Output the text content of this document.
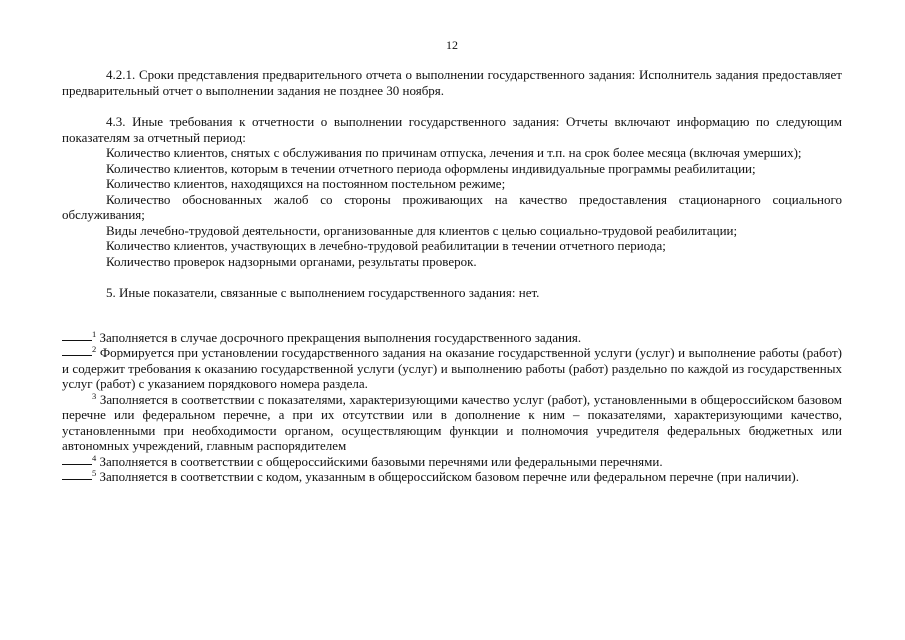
12

4.2.1. Сроки представления предварительного отчета о выполнении государственного задания: Исполнитель задания предоставляет предварительный отчет о выполнении задания не позднее 30 ноября.

4.3. Иные требования к отчетности о выполнении государственного задания: Отчеты включают информацию по следующим показателям за отчетный период:

Количество клиентов, снятых с обслуживания по причинам отпуска, лечения и т.п. на срок более месяца (включая умерших);

Количество клиентов, которым в течении отчетного периода оформлены индивидуальные программы реабилитации;

Количество клиентов, находящихся на постоянном постельном режиме;

Количество обоснованных жалоб со стороны проживающих на качество предоставления стационарного социального обслуживания;

Виды лечебно-трудовой деятельности, организованные для клиентов с целью социально-трудовой реабилитации;

Количество клиентов, участвующих в лечебно-трудовой реабилитации в течении отчетного периода;

Количество проверок надзорными органами, результаты проверок.

5. Иные показатели, связанные с выполнением государственного задания: нет.

$^1$ Заполняется в случае досрочного прекращения выполнения государственного задания.

$^2$ Формируется при установлении государственного задания на оказание государственной услуги (услуг) и выполнение работы (работ) и содержит требования к оказанию государственной услуги (услуг) и выполнению работы (работ) раздельно по каждой из государственных услуг (работ) с указанием порядкового номера раздела.

$^3$ Заполняется в соответствии с показателями, характеризующими качество услуг (работ), установленными в общероссийском базовом перечне или федеральном перечне, а при их отсутствии или в дополнение к ним – показателями, характеризующими качество, установленными при необходимости органом, осуществляющим функции и полномочия учредителя федеральных бюджетных или автономных учреждений, главным распорядителем

$^4$ Заполняется в соответствии с общероссийскими базовыми перечнями или федеральными перечнями.

$^5$ Заполняется в соответствии с кодом, указанным в общероссийском базовом перечне или федеральном перечне (при наличии).
